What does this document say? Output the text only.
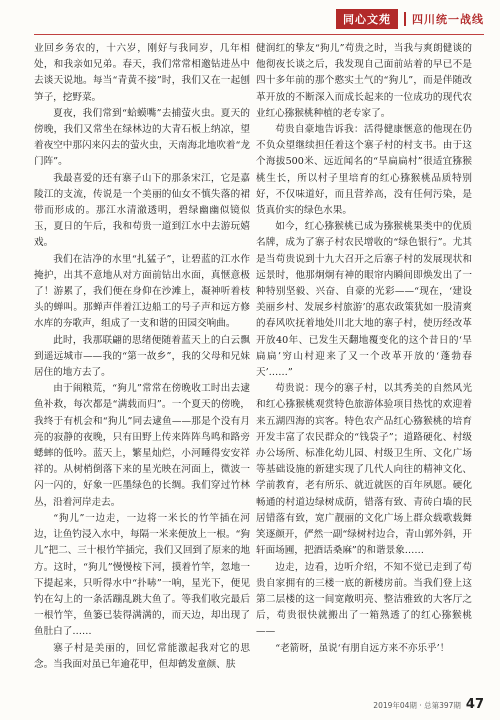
同心文苑	四川统一战线

业回乡务农的，十六岁，刚好与我同岁，几年相处，和我亲如兄弟。春天，我们常常相邀钻进丛中去谈天说地。每当“青黄不接”时，我们又在一起刨笋子，挖野菜。

夏夜，我们常到“蛤蟆嘴”去捕萤火虫。夏天的傍晚，我们又常坐在绿林边的大青石板上纳凉，望着夜空中那闪来闪去的萤火虫，天南海北地吹着“龙门阵”。

我最喜爱的还有寨子山下的那条宋江，它是嘉陵江的支流，传说是一个美丽的仙女不慎失落的裙带而形成的。那江水清澈透明，碧绿幽幽似镜似玉，夏日的午后，我和苟贵一道到江水中去游玩嬉戏。

我们在洁净的水里“扎猛子”，让碧蓝的江水作掩护，出其不意地从对方面前钻出水面，真惬意极了！游累了，我们便在身仰在沙滩上，凝神听着枝头的蝉叫。那蝉声伴着江边船工的号子声和远方修水库的夯歌声，组成了一支和谐的田园交响曲。

此时，我那联翩的思绪便随着蓝天上的白云飘到遥远城市——我的“第一故乡”，我的父母和兄妹居住的地方去了。

由于闹粮荒，“狗儿”常常在傍晚收工时出去逮鱼补救，每次都是“满载而归”。一个夏天的傍晚，我终于有机会和“狗儿”同去逮鱼——那是个没有月亮的寂静的夜晚，只有田野上传来阵阵鸟鸣和路旁蟋蟀的低吟。蓝天上，繁星灿烂，小河睡得安安祥祥的。从树梢倒落下来的星光映在河面上，微波一闪一闪的，好象一匹墨绿色的长绸。我们穿过竹林丛，沿着河岸走去。

“狗儿”一边走，一边将一米长的竹竿插在河边，让鱼钓浸入水中，每隔一米来便放上一根。“狗儿”把二、三十根竹竿插完，我们又回到了原来的地方。这时，“狗儿”慢慢桉下河，摸着竹竿，忽地一下提起来，只听得水中“扑哧”一响，星光下，便见钓在勾上的一条活蹦乱跳大鱼了。等我们收完最后一根竹竿，鱼篓已装得满满的，而天边，却出现了鱼肚白了……

寨子村是美丽的，回忆常能激起我对它的思念。当我面对虽已年逾花甲，但却鹤发童颜、肤

健润红的挚友“狗儿”苟贵之时，当我与爽朗健谈的他彻夜长谈之后，我发现自己面前站着的早已不是四十多年前的那个憨实土气的“狗儿”，而是伴随改革开放的不断深入而成长起来的一位成功的现代农业红心猕猴桃种植的老专家了。

苟贵自豪地告诉我：活得健康惬意的他现在仍不负众望继续担任着这个寨子村的村支书。由于这个海拔500米、远近闻名的“旱扁扁村”很适宜猕猴桃生长，所以村子里培育的红心猕猴桃品质特别好，不仅味道好，而且营养高，没有任何污染，是货真价实的绿色水果。

如今，红心猕猴桃已成为猕猴桃果类中的优质名牌，成为了寨子村农民增收的“绿色银行”。尤其是当苟贵说到十九大召开之后寨子村的发展现状和远景时，他那炯炯有神的眼帘内瞬间即焕发出了一种特别坚毅、兴奋、自豪的光彩——“现在，‘建设美丽乡村、发展乡村旅游’的惠农政策犹如一股清爽的春风吹抚着地处川北大地的寨子村，使历经改革开放40年、已发生天翻地覆变化的这个昔日的‘旱扁扁’穷山村迎来了又一个改革开放的‘蓬勃春天’……”

苟贵说：现今的寨子村，以其秀美的自然风光和红心猕猴桃观赏特色旅游体验项目热忱的欢迎着来五湖四海的宾客。特色农产品红心猕猴桃的培育开发丰富了农民群众的“钱袋子”；道路硬化、村级办公场所、标准化幼儿园、村级卫生所、文化广场等基础设施的新建实现了几代人向往的精神文化、学前教育，老有所乐、就近就医的百年夙愿。硬化畅通的村道边绿树成荫，错落有致、青砖白墙的民居错落有致，宽广靓丽的文化广场上群众载歌载舞笑逐颜开，俨然一副“绿树村边合，青山郭外斜，开轩面场圃，把酒话桑麻”的和谐景象……

边走，边看，边听介绍，不知不觉已走到了苟贵自家拥有的三楼一底的新楼房前。当我们登上这第二层楼的这一间宽敞明亮、整洁雅致的大客厅之后，苟贵很快就搬出了一箱熟透了的红心猕猴桃——

“老箭呀，虽说‘有朋自远方来不亦乐乎’！

2019年04期 · 总第397期 47
